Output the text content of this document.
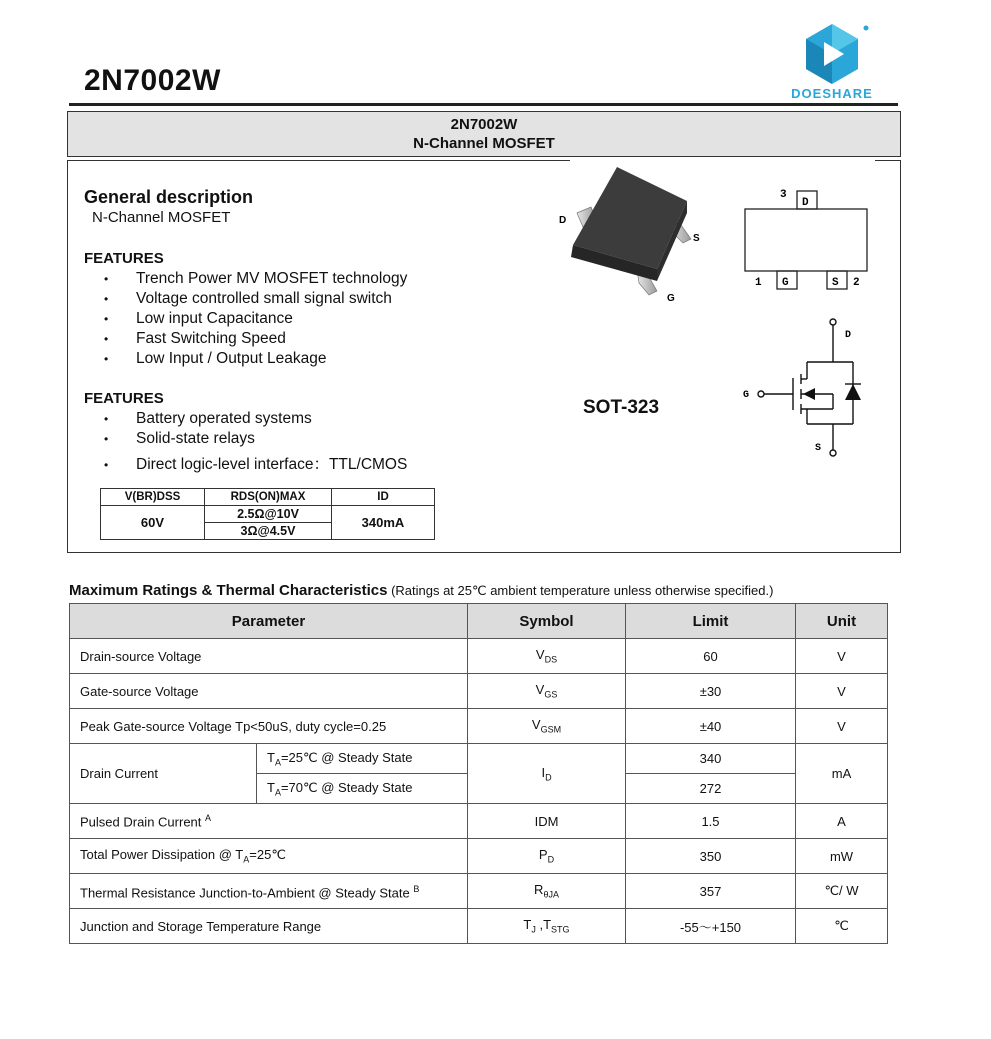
2N7002W	DOESHARE
2N7002W
N-Channel MOSFET
General description
N-Channel MOSFET
FEATURES
• Trench Power MV MOSFET technology
• Voltage controlled small signal switch
• Low input Capacitance
• Fast Switching Speed
• Low Input / Output Leakage
FEATURES
• Battery operated systems
• Solid-state relays
• Direct logic-level interface：TTL/CMOS
V(BR)DSS	RDS(ON)MAX	ID
60V	2.5Ω@10V	340mA
	3Ω@4.5V	
D
S
G
D
G	S
3
1	2
D
G
S
SOT-323
Maximum Ratings & Thermal Characteristics (Ratings at 25℃ ambient temperature unless otherwise specified.)
Parameter		Symbol	Limit	Unit
Drain-source Voltage		$V_{DS}$	60	V
Gate-source Voltage		$V_{GS}$	±30	V
Peak Gate-source Voltage Tp<50uS, duty cycle=0.25		$V_{GSM}$	±40	V
Drain Current	$T_A=25℃$ @ Steady State	$I_D$	340	mA
	$T_A=70℃$ @ Steady State		272	
Pulsed Drain Current $^A$		IDM	1.5	A
Total Power Dissipation @ $T_A=25℃$		$P_D$	350	mW
Thermal Resistance Junction-to-Ambient @ Steady State $^B$		$R_{\theta JA}$	357	℃/ W
Junction and Storage Temperature Range		$T_J$ $,T_{STG}$	-55～+150	℃
